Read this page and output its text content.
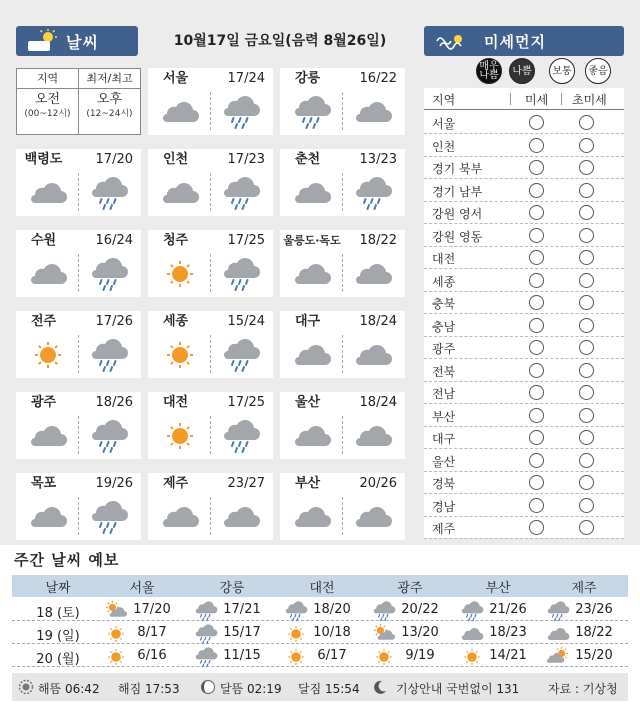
날씨	10월17일 금요일(음력 8월26일)	미세먼지
지역	최저/최고
오전
(00~12시)
오후
(12~24시)
서울	17/24	강릉	16/22
백령도	17/20	인천	17/23	춘천	13/23
수원	16/24	청주	17/25 울릉도·독도 18/22
전주	17/26	세종	15/24	대구	18/24
광주	18/26	대전	17/25	울산	18/24
목포	19/26	제주	23/27	부산	20/26
매우나쁨	나쁨	보통	좋음
지역	미세 초미세
서울
인천
경기 북부
경기 남부
강원 영서
강원 영동
대전
세종
충북
충남
광주
전북
전남
부산
대구
울산
경북
경남
제주
주간 날씨 예보
날짜	서울	강릉	대전	광주	부산	제주
18 (토)	17/20	17/21	18/20	20/22	21/26	23/26
19 (일)	8/17	15/17	10/18	13/20	18/23	18/22
20 (월)	6/16	11/15	6/17	9/19	14/21	15/20
해뜸 06:42 해짐 17:53	달뜸 02:19 달짐 15:54	기상안내 국번없이 131 자료 : 기상청
